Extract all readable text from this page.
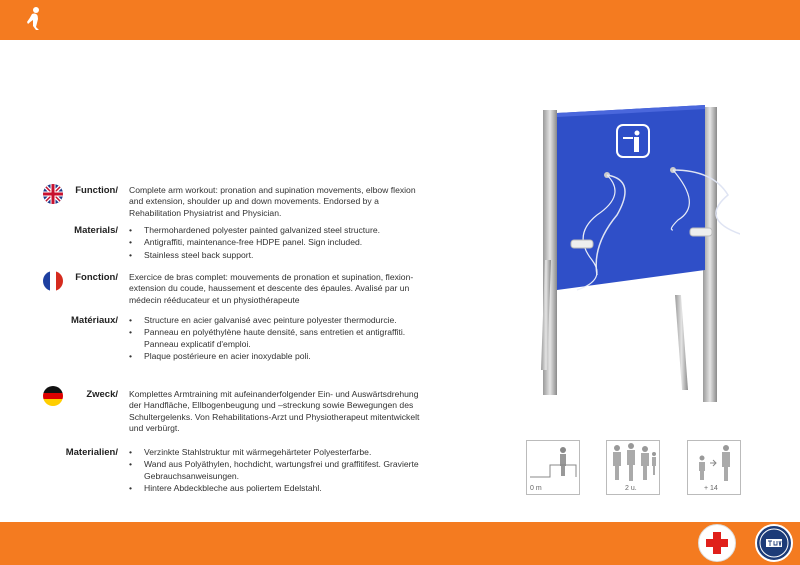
Function/ Complete arm workout: pronation and supination movements, elbow flexion and extension, shoulder up and down movements. Endorsed by a Rehabilitation Physiatrist and Physician.
Materials/	• Thermohardened polyester painted galvanized steel structure.
• Antigraffiti, maintenance-free HDPE panel. Sign included.
• Stainless steel back support.
Fonction/ Exercice de bras complet: mouvements de pronation et supination, flexion-extension du coude, haussement et descente des épaules. Avalisé par un médecin rééducateur et un physiothérapeute
Matériaux/	• Structure en acier galvanisé avec peinture polyester thermodurcie.
• Panneau en polyéthylène haute densité, sans entretien et antigraffiti. Panneau explicatif d'emploi.
• Plaque postérieure en acier inoxydable poli.
Zweck/ Komplettes Armtraining mit aufeinanderfolgender Ein- und Auswärtsdrehung der Handfläche, Ellbogenbeugung und –streckung sowie Bewegungen des Schultergelenks. Von Rehabilitations-Arzt und Physiotherapeut mitentwickelt und verbürgt.
Materialien/	• Verzinkte Stahlstruktur mit wärmegehärteter Polyesterfarbe.
• Wand aus Polyäthylen, hochdicht, wartungsfrei und graffitifest. Gravierte Gebrauchsanweisungen.
• Hintere Abdeckbleche aus poliertem Edelstahl.	0 m	2 u.	+ 14
